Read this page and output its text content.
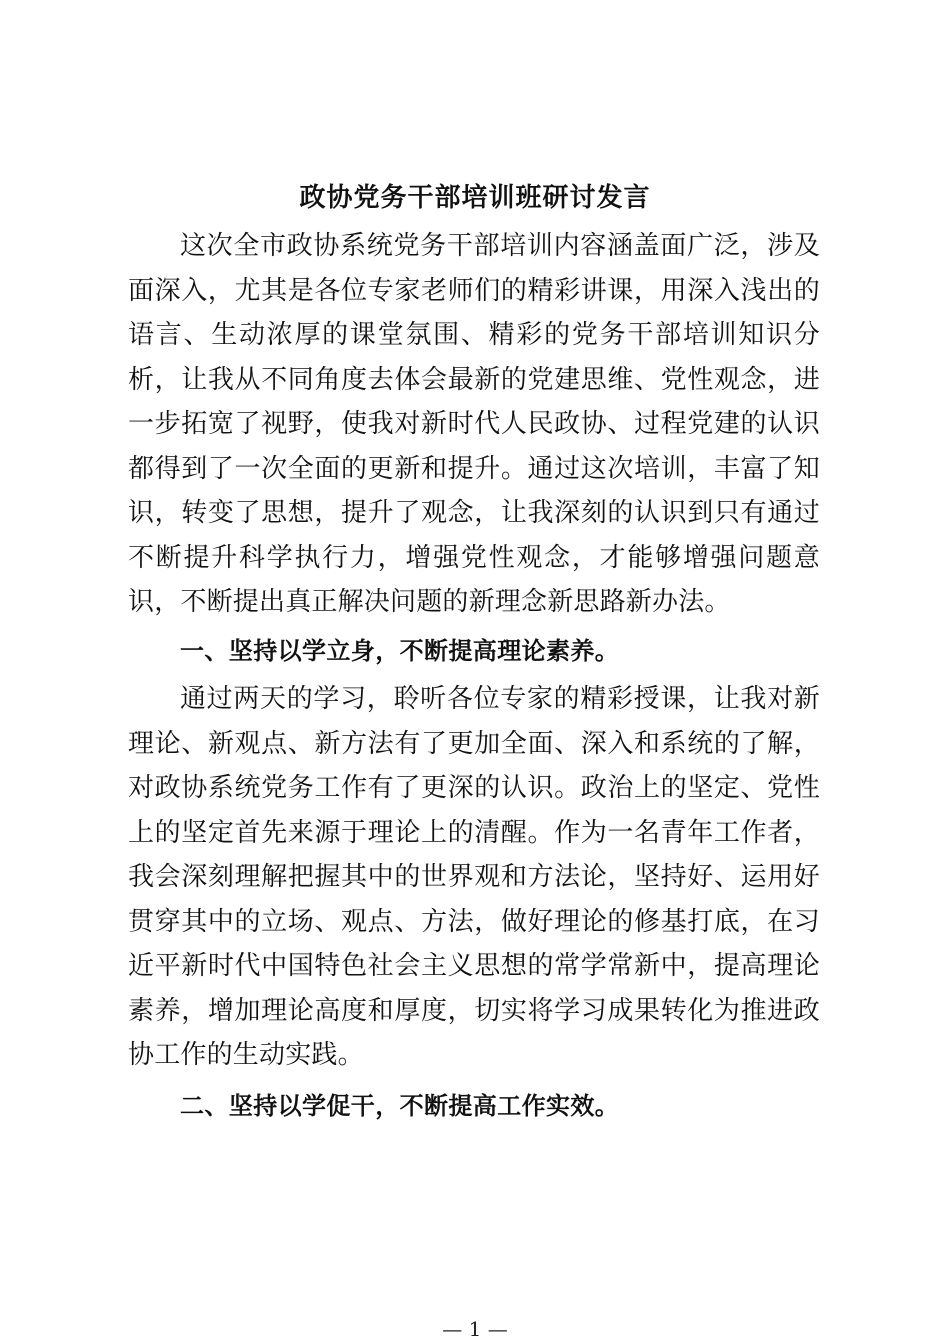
政协党务干部培训班研讨发言

这次全市政协系统党务干部培训内容涵盖面广泛，涉及面深入，尤其是各位专家老师们的精彩讲课，用深入浅出的语言、生动浓厚的课堂氛围、精彩的党务干部培训知识分析，让我从不同角度去体会最新的党建思维、党性观念，进一步拓宽了视野，使我对新时代人民政协、过程党建的认识都得到了一次全面的更新和提升。通过这次培训，丰富了知识，转变了思想，提升了观念，让我深刻的认识到只有通过不断提升科学执行力，增强党性观念，才能够增强问题意识，不断提出真正解决问题的新理念新思路新办法。

一、坚持以学立身，不断提高理论素养。

通过两天的学习，聆听各位专家的精彩授课，让我对新理论、新观点、新方法有了更加全面、深入和系统的了解，对政协系统党务工作有了更深的认识。政治上的坚定、党性上的坚定首先来源于理论上的清醒。作为一名青年工作者，我会深刻理解把握其中的世界观和方法论，坚持好、运用好贯穿其中的立场、观点、方法，做好理论的修基打底，在习近平新时代中国特色社会主义思想的常学常新中，提高理论素养，增加理论高度和厚度，切实将学习成果转化为推进政协工作的生动实践。

二、坚持以学促干，不断提高工作实效。

— 1 —
